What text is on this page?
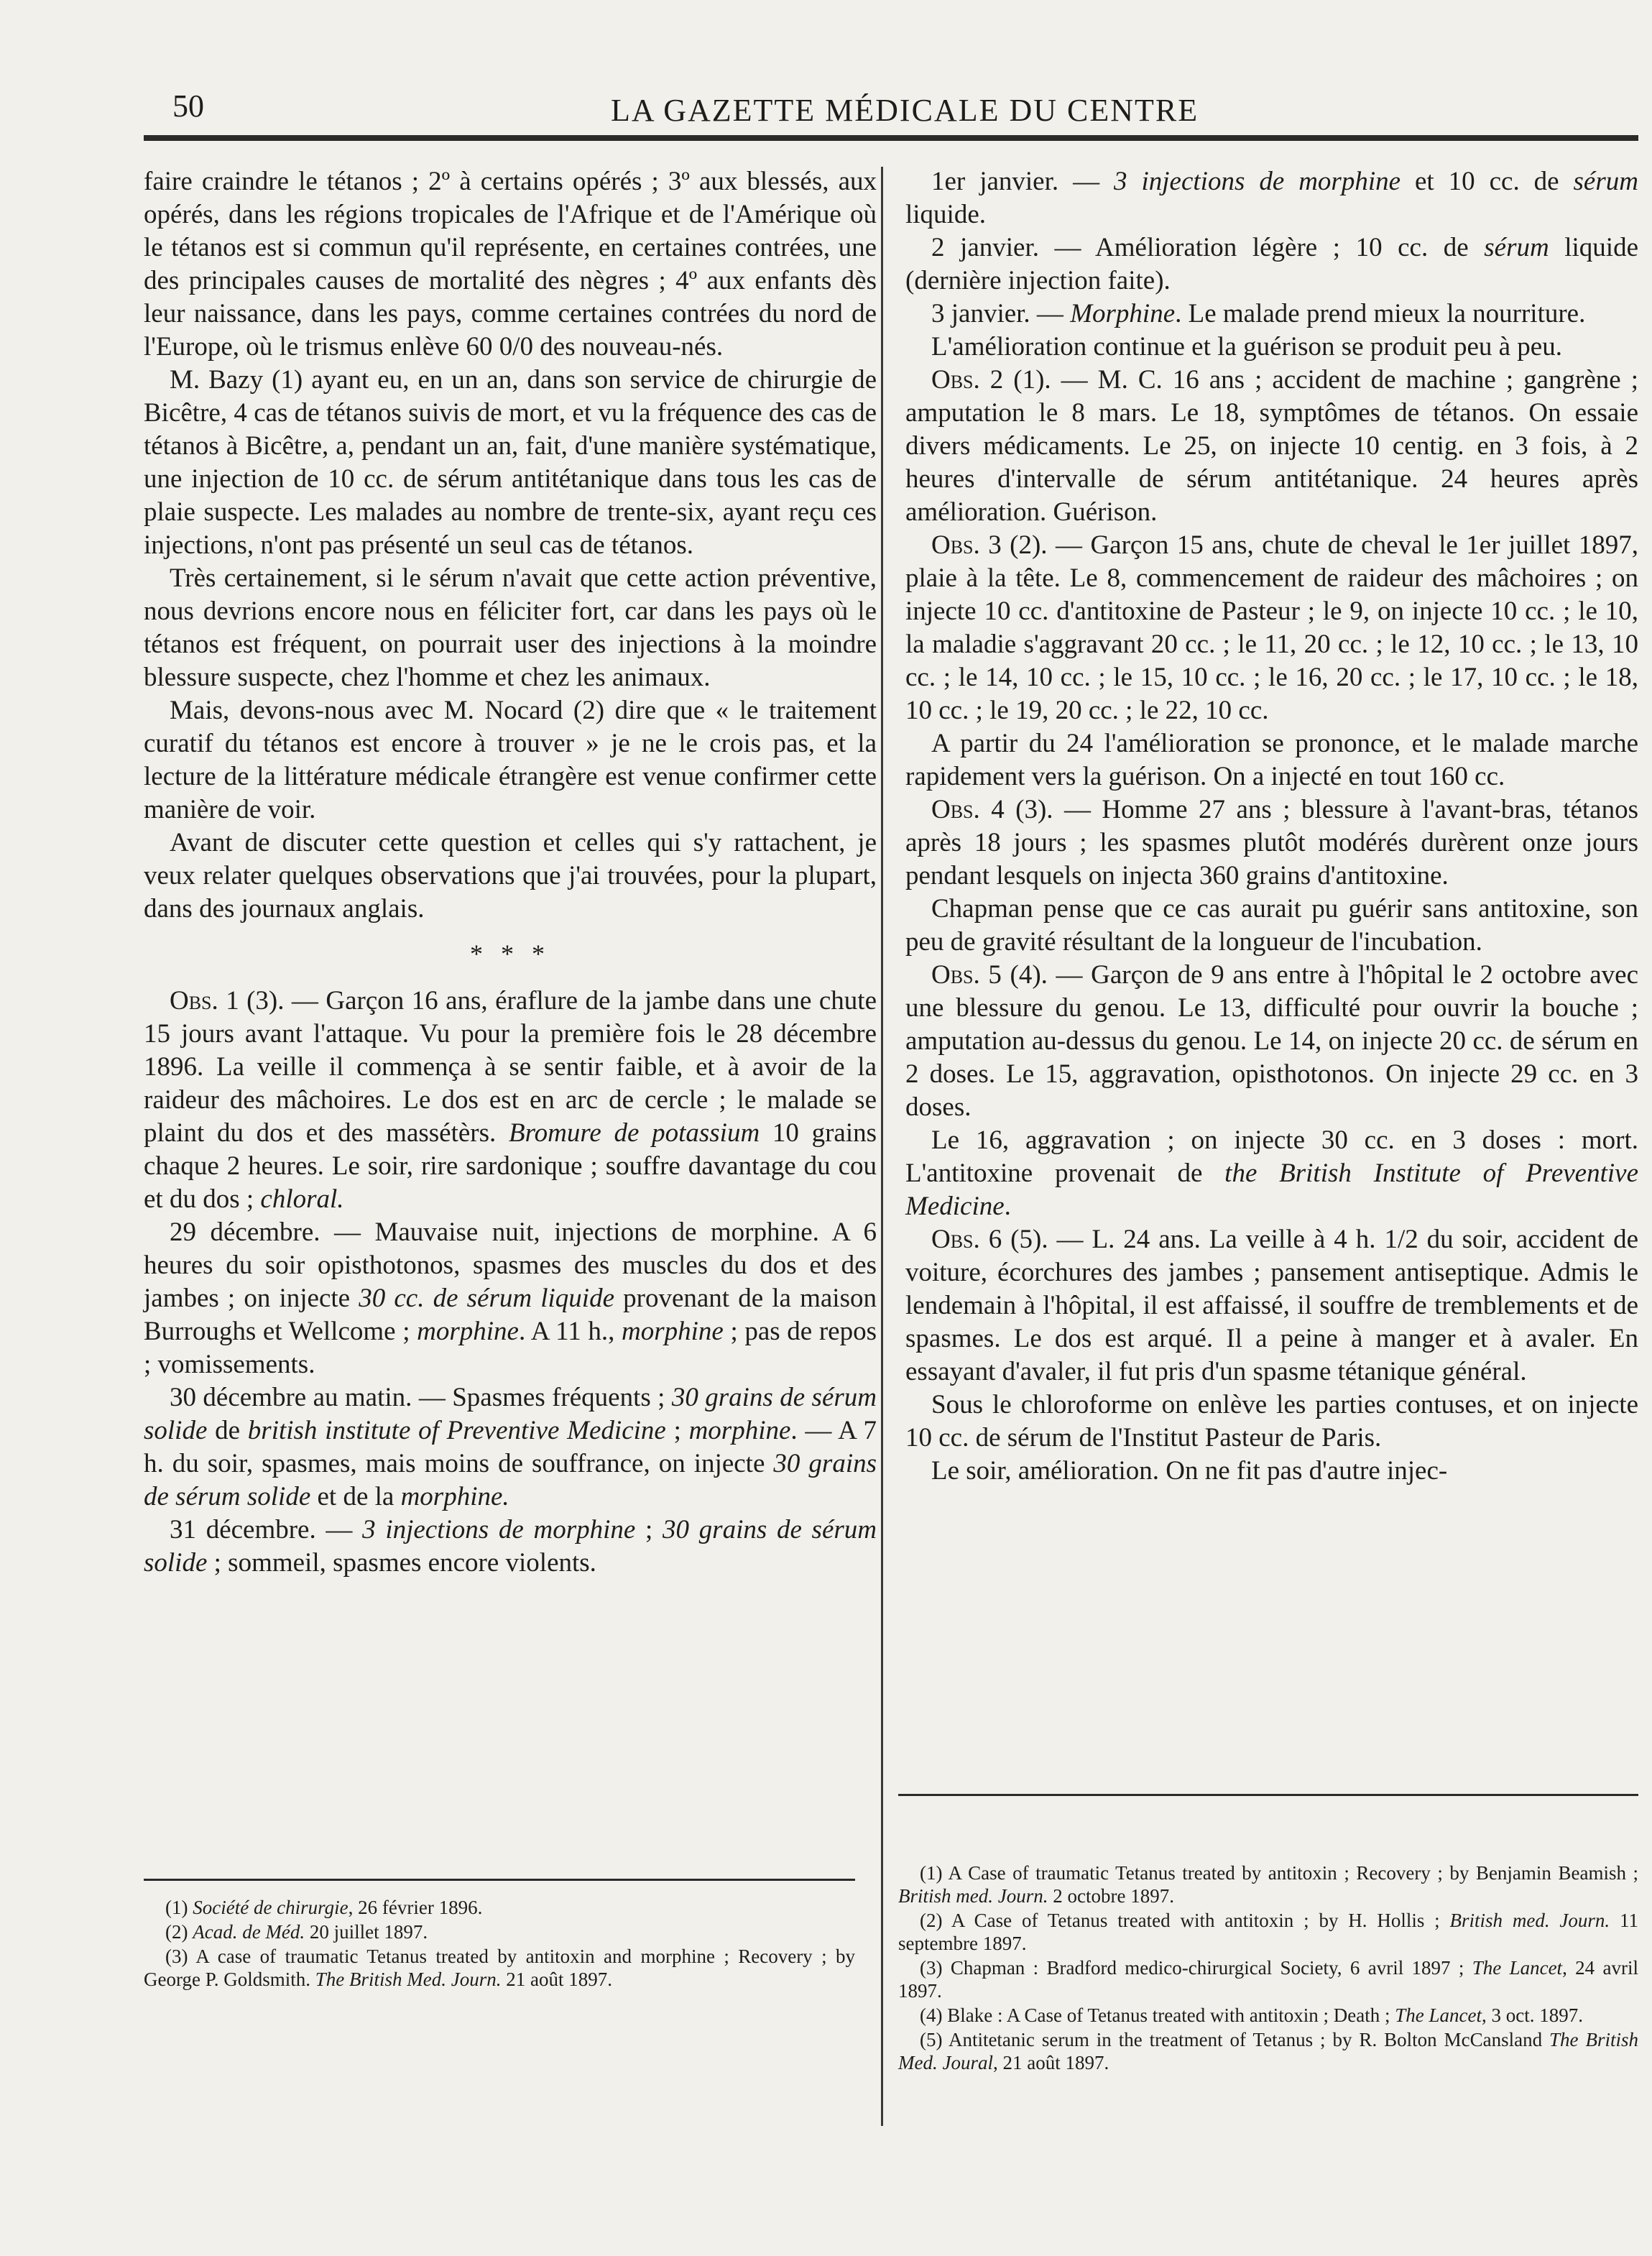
50	LA GAZETTE MÉDICALE DU CENTRE

faire craindre le tétanos ; 2º à certains opérés ; 3º aux blessés, aux opérés, dans les régions tropicales de l'Afrique et de l'Amérique où le tétanos est si commun qu'il représente, en certaines contrées, une des principales causes de mortalité des nègres ; 4º aux enfants dès leur naissance, dans les pays, comme certaines contrées du nord de l'Europe, où le trismus enlève 60 0/0 des nouveau-nés.

M. Bazy (1) ayant eu, en un an, dans son service de chirurgie de Bicêtre, 4 cas de tétanos suivis de mort, et vu la fréquence des cas de tétanos à Bicêtre, a, pendant un an, fait, d'une manière systématique, une injection de 10 cc. de sérum antitétanique dans tous les cas de plaie suspecte. Les malades au nombre de trente-six, ayant reçu ces injections, n'ont pas présenté un seul cas de tétanos.

Très certainement, si le sérum n'avait que cette action préventive, nous devrions encore nous en féliciter fort, car dans les pays où le tétanos est fréquent, on pourrait user des injections à la moindre blessure suspecte, chez l'homme et chez les animaux.

Mais, devons-nous avec M. Nocard (2) dire que « le traitement curatif du tétanos est encore à trouver » je ne le crois pas, et la lecture de la littérature médicale étrangère est venue confirmer cette manière de voir.

Avant de discuter cette question et celles qui s'y rattachent, je veux relater quelques observations que j'ai trouvées, pour la plupart, dans des journaux anglais.

* * *

Obs. 1 (3). — Garçon 16 ans, éraflure de la jambe dans une chute 15 jours avant l'attaque. Vu pour la première fois le 28 décembre 1896. La veille il commença à se sentir faible, et à avoir de la raideur des mâchoires. Le dos est en arc de cercle ; le malade se plaint du dos et des massétèrs. Bromure de potassium 10 grains chaque 2 heures. Le soir, rire sardonique ; souffre davantage du cou et du dos ; chloral.

29 décembre. — Mauvaise nuit, injections de morphine. A 6 heures du soir opisthotonos, spasmes des muscles du dos et des jambes ; on injecte 30 cc. de sérum liquide provenant de la maison Burroughs et Wellcome ; morphine. A 11 h., morphine ; pas de repos ; vomissements.

30 décembre au matin. — Spasmes fréquents ; 30 grains de sérum solide de british institute of Preventive Medicine ; morphine. — A 7 h. du soir, spasmes, mais moins de souffrance, on injecte 30 grains de sérum solide et de la morphine.

31 décembre. — 3 injections de morphine ; 30 grains de sérum solide ; sommeil, spasmes encore violents.

1er janvier. — 3 injections de morphine et 10 cc. de sérum liquide.

2 janvier. — Amélioration légère ; 10 cc. de sérum liquide (dernière injection faite).

3 janvier. — Morphine. Le malade prend mieux la nourriture.

L'amélioration continue et la guérison se produit peu à peu.

Obs. 2 (1). — M. C. 16 ans ; accident de machine ; gangrène ; amputation le 8 mars. Le 18, symptômes de tétanos. On essaie divers médicaments. Le 25, on injecte 10 centig. en 3 fois, à 2 heures d'intervalle de sérum antitétanique. 24 heures après amélioration. Guérison.

Obs. 3 (2). — Garçon 15 ans, chute de cheval le 1er juillet 1897, plaie à la tête. Le 8, commencement de raideur des mâchoires ; on injecte 10 cc. d'antitoxine de Pasteur ; le 9, on injecte 10 cc. ; le 10, la maladie s'aggravant 20 cc. ; le 11, 20 cc. ; le 12, 10 cc. ; le 13, 10 cc. ; le 14, 10 cc. ; le 15, 10 cc. ; le 16, 20 cc. ; le 17, 10 cc. ; le 18, 10 cc. ; le 19, 20 cc. ; le 22, 10 cc.

A partir du 24 l'amélioration se prononce, et le malade marche rapidement vers la guérison. On a injecté en tout 160 cc.

Obs. 4 (3). — Homme 27 ans ; blessure à l'avant-bras, tétanos après 18 jours ; les spasmes plutôt modérés durèrent onze jours pendant lesquels on injecta 360 grains d'antitoxine.

Chapman pense que ce cas aurait pu guérir sans antitoxine, son peu de gravité résultant de la longueur de l'incubation.

Obs. 5 (4). — Garçon de 9 ans entre à l'hôpital le 2 octobre avec une blessure du genou. Le 13, difficulté pour ouvrir la bouche ; amputation au-dessus du genou. Le 14, on injecte 20 cc. de sérum en 2 doses. Le 15, aggravation, opisthotonos. On injecte 29 cc. en 3 doses.

Le 16, aggravation ; on injecte 30 cc. en 3 doses : mort. L'antitoxine provenait de the British Institute of Preventive Medicine.

Obs. 6 (5). — L. 24 ans. La veille à 4 h. 1/2 du soir, accident de voiture, écorchures des jambes ; pansement antiseptique. Admis le lendemain à l'hôpital, il est affaissé, il souffre de tremblements et de spasmes. Le dos est arqué. Il a peine à manger et à avaler. En essayant d'avaler, il fut pris d'un spasme tétanique général.

Sous le chloroforme on enlève les parties contuses, et on injecte 10 cc. de sérum de l'Institut Pasteur de Paris.

Le soir, amélioration. On ne fit pas d'autre injec-

(1) Société de chirurgie, 26 février 1896.

(2) Acad. de Méd. 20 juillet 1897.

(3) A case of traumatic Tetanus treated by antitoxin and morphine ; Recovery ; by George P. Goldsmith. The British Med. Journ. 21 août 1897.

(1) A Case of traumatic Tetanus treated by antitoxin ; Recovery ; by Benjamin Beamish ; British med. Journ. 2 octobre 1897.

(2) A Case of Tetanus treated with antitoxin ; by H. Hollis ; British med. Journ. 11 septembre 1897.

(3) Chapman : Bradford medico-chirurgical Society, 6 avril 1897 ; The Lancet, 24 avril 1897.

(4) Blake : A Case of Tetanus treated with antitoxin ; Death ; The Lancet, 3 oct. 1897.

(5) Antitetanic serum in the treatment of Tetanus ; by R. Bolton McCansland The British Med. Joural, 21 août 1897.
